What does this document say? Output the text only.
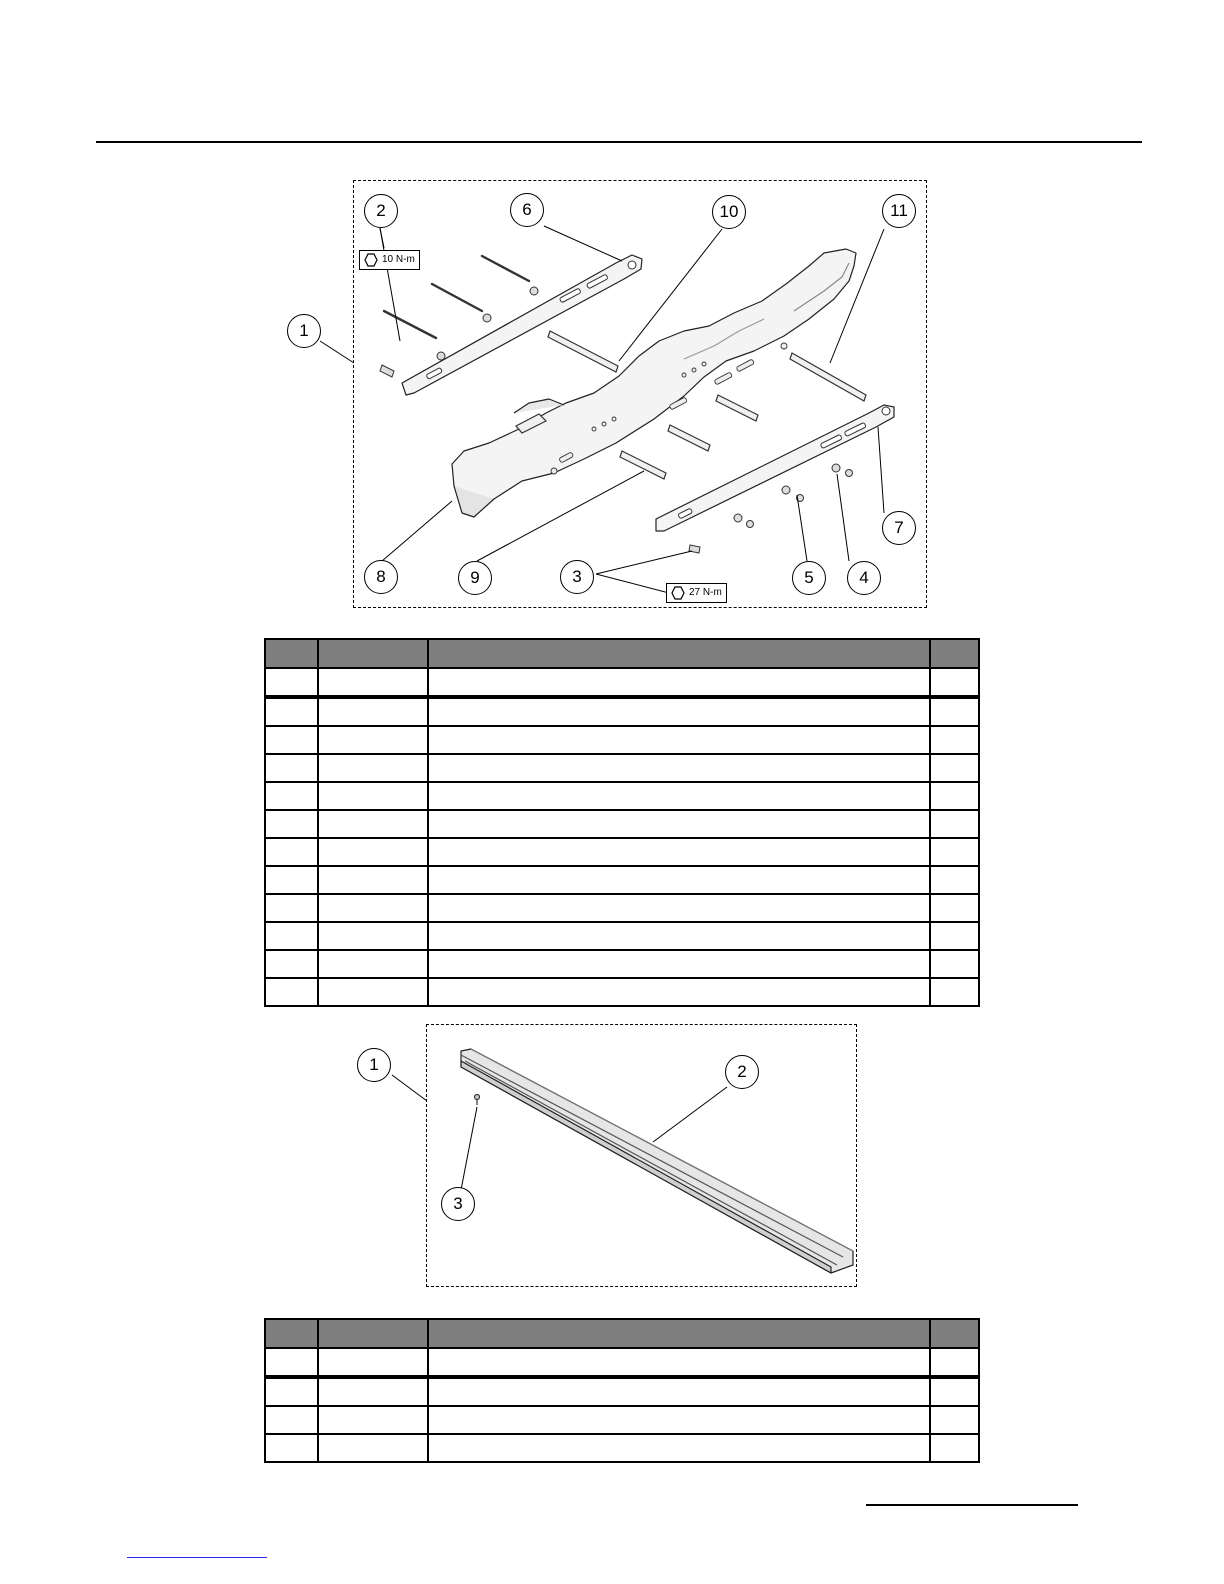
2	6	10	11
7
4
5
3
9
8
10 N-m
27 N-m
1

2
3
1
